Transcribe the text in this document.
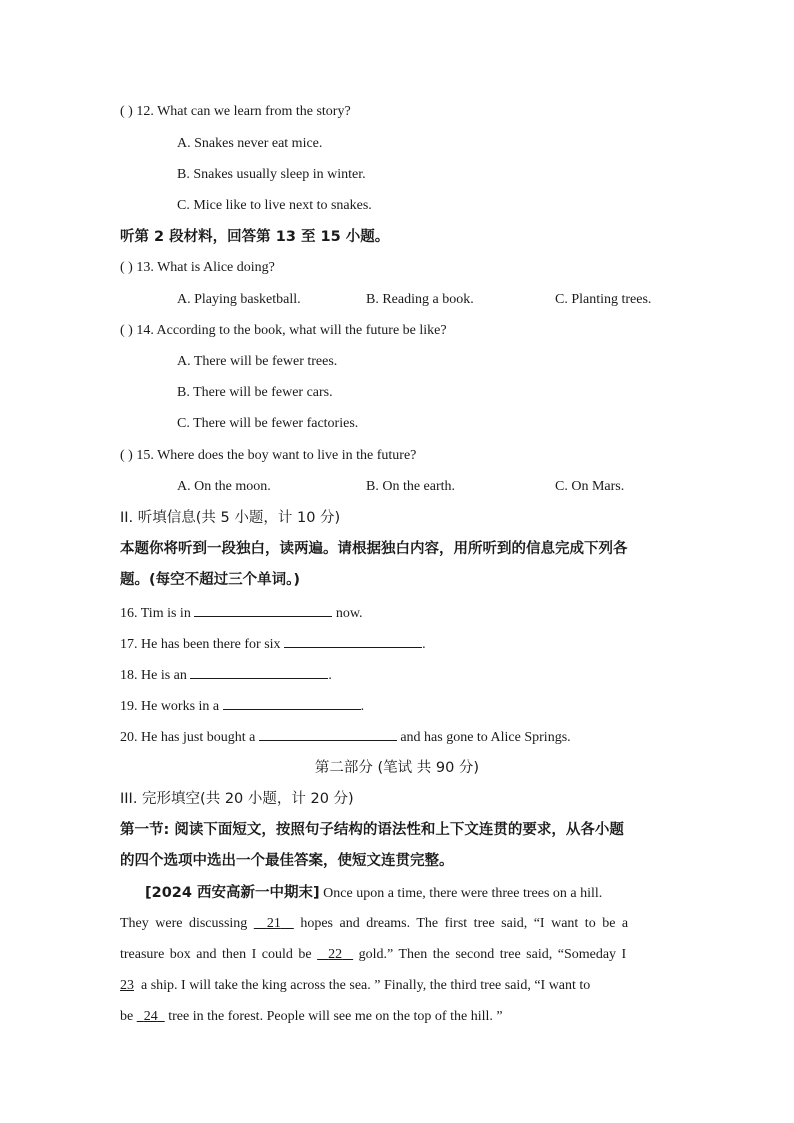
( ) 12. What can we learn from the story?
A. Snakes never eat mice.
B. Snakes usually sleep in winter.
C. Mice like to live next to snakes.
听第 2 段材料，回答第 13 至 15 小题。
( ) 13. What is Alice doing?
A. Playing basketball.	B. Reading a book.	C. Planting trees.
( ) 14. According to the book, what will the future be like?
A. There will be fewer trees.
B. There will be fewer cars.
C. There will be fewer factories.
( ) 15. Where does the boy want to live in the future?
A. On the moon.	B. On the earth.	C. On Mars.
II. 听填信息(共 5 小题，计 10 分)
本题你将听到一段独白，读两遍。请根据独白内容，用所听到的信息完成下列各
题。(每空不超过三个单词。)
16. Tim is in	now.
17. He has been there for six	.
18. He is an	.
19. He works in a	.
20. He has just bought a	and has gone to Alice Springs.
第二部分 (笔试 共 90 分)
III. 完形填空(共 20 小题，计 20 分)
第一节: 阅读下面短文，按照句子结构的语法性和上下文连贯的要求，从各小题
的四个选项中选出一个最佳答案，使短文连贯完整。
[2024 西安高新一中期末] Once upon a time, there were three trees on a hill.
They were discussing 21 hopes and dreams. The first tree said, “I want to be a
treasure box and then I could be 22 gold.” Then the second tree said, “Someday I
23 a ship. I will take the king across the sea. ” Finally, the third tree said, “I want to
be 24 tree in the forest. People will see me on the top of the hill. ”
